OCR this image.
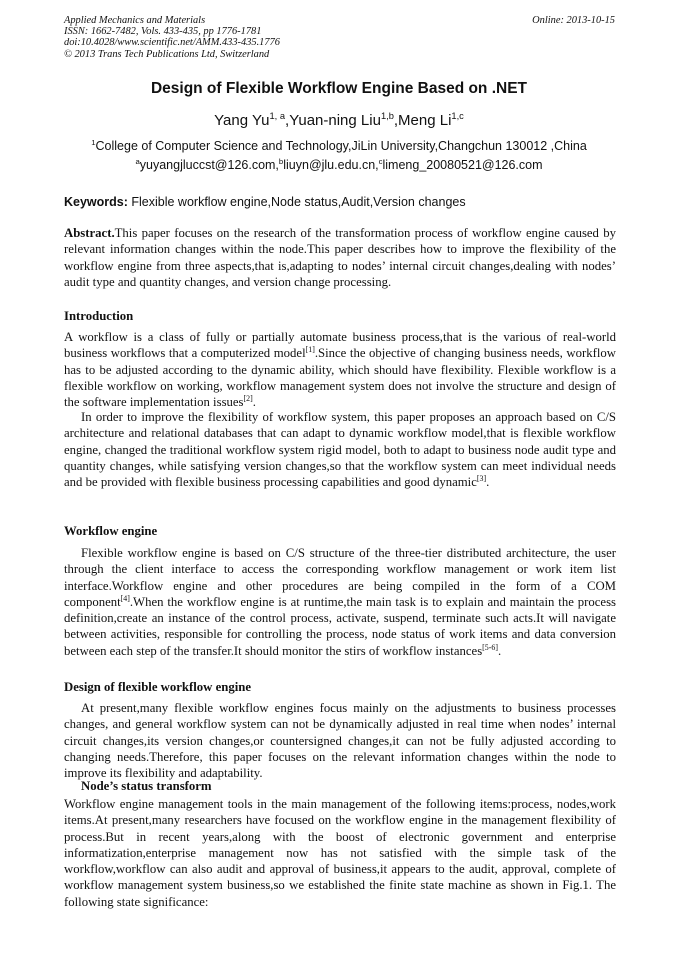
Applied Mechanics and Materials
ISSN: 1662-7482, Vols. 433-435, pp 1776-1781
doi:10.4028/www.scientific.net/AMM.433-435.1776
© 2013 Trans Tech Publications Ltd, Switzerland
Online: 2013-10-15
Design of Flexible Workflow Engine Based on .NET
Yang Yu$^{1, a}$,Yuan-ning Liu$^{1,b}$,Meng Li$^{1,c}$
$^1$College of Computer Science and Technology,JiLin University,Changchun 130012 ,China
$^a$yuyangjluccst@126.com,$^b$liuyn@jlu.edu.cn,$^c$limeng_20080521@126.com
Keywords: Flexible workflow engine,Node status,Audit,Version changes
Abstract.This paper focuses on the research of the transformation process of workflow engine caused by relevant information changes within the node.This paper describes how to improve the flexibility of the workflow engine from three aspects,that is,adapting to nodes’ internal circuit changes,dealing with nodes’ audit type and quantity changes, and version change processing.
Introduction
A workflow is a class of fully or partially automate business process,that is the various of real-world business workflows that a computerized model[1].Since the objective of changing business needs, workflow has to be adjusted according to the dynamic ability, which should have flexibility. Flexible workflow is a flexible workflow on working, workflow management system does not involve the structure and design of the software implementation issues[2].
In order to improve the flexibility of workflow system, this paper proposes an approach based on C/S architecture and relational databases that can adapt to dynamic workflow model,that is flexible workflow engine, changed the traditional workflow system rigid model, both to adapt to business node audit type and quantity changes, while satisfying version changes,so that the workflow system can meet individual needs and be provided with flexible business processing capabilities and good dynamic[3].
Workflow engine
Flexible workflow engine is based on C/S structure of the three-tier distributed architecture, the user through the client interface to access the corresponding workflow management or work item list interface.Workflow engine and other procedures are being compiled in the form of a COM component[4].When the workflow engine is at runtime,the main task is to explain and maintain the process definition,create an instance of the control process, activate, suspend, terminate such acts.It will navigate between activities, responsible for controlling the process, node status of work items and data conversion between each step of the transfer.It should monitor the stirs of workflow instances[5-6].
Design of flexible workflow engine
At present,many flexible workflow engines focus mainly on the adjustments to business processes changes, and general workflow system can not be dynamically adjusted in real time when nodes’ internal circuit changes,its version changes,or countersigned changes,it can not be fully adjusted according to changing needs.Therefore, this paper focuses on the relevant information changes within the node to improve its flexibility and adaptability.
Node’s status transform
Workflow engine management tools in the main management of the following items:process, nodes,work items.At present,many researchers have focused on the workflow engine in the management flexibility of process.But in recent years,along with the boost of electronic government and enterprise informatization,enterprise management now has not satisfied with the simple task of the workflow,workflow can also audit and approval of business,it appears to the audit, approval, complete of workflow management system business,so we established the finite state machine as shown in Fig.1. The following state significance:
